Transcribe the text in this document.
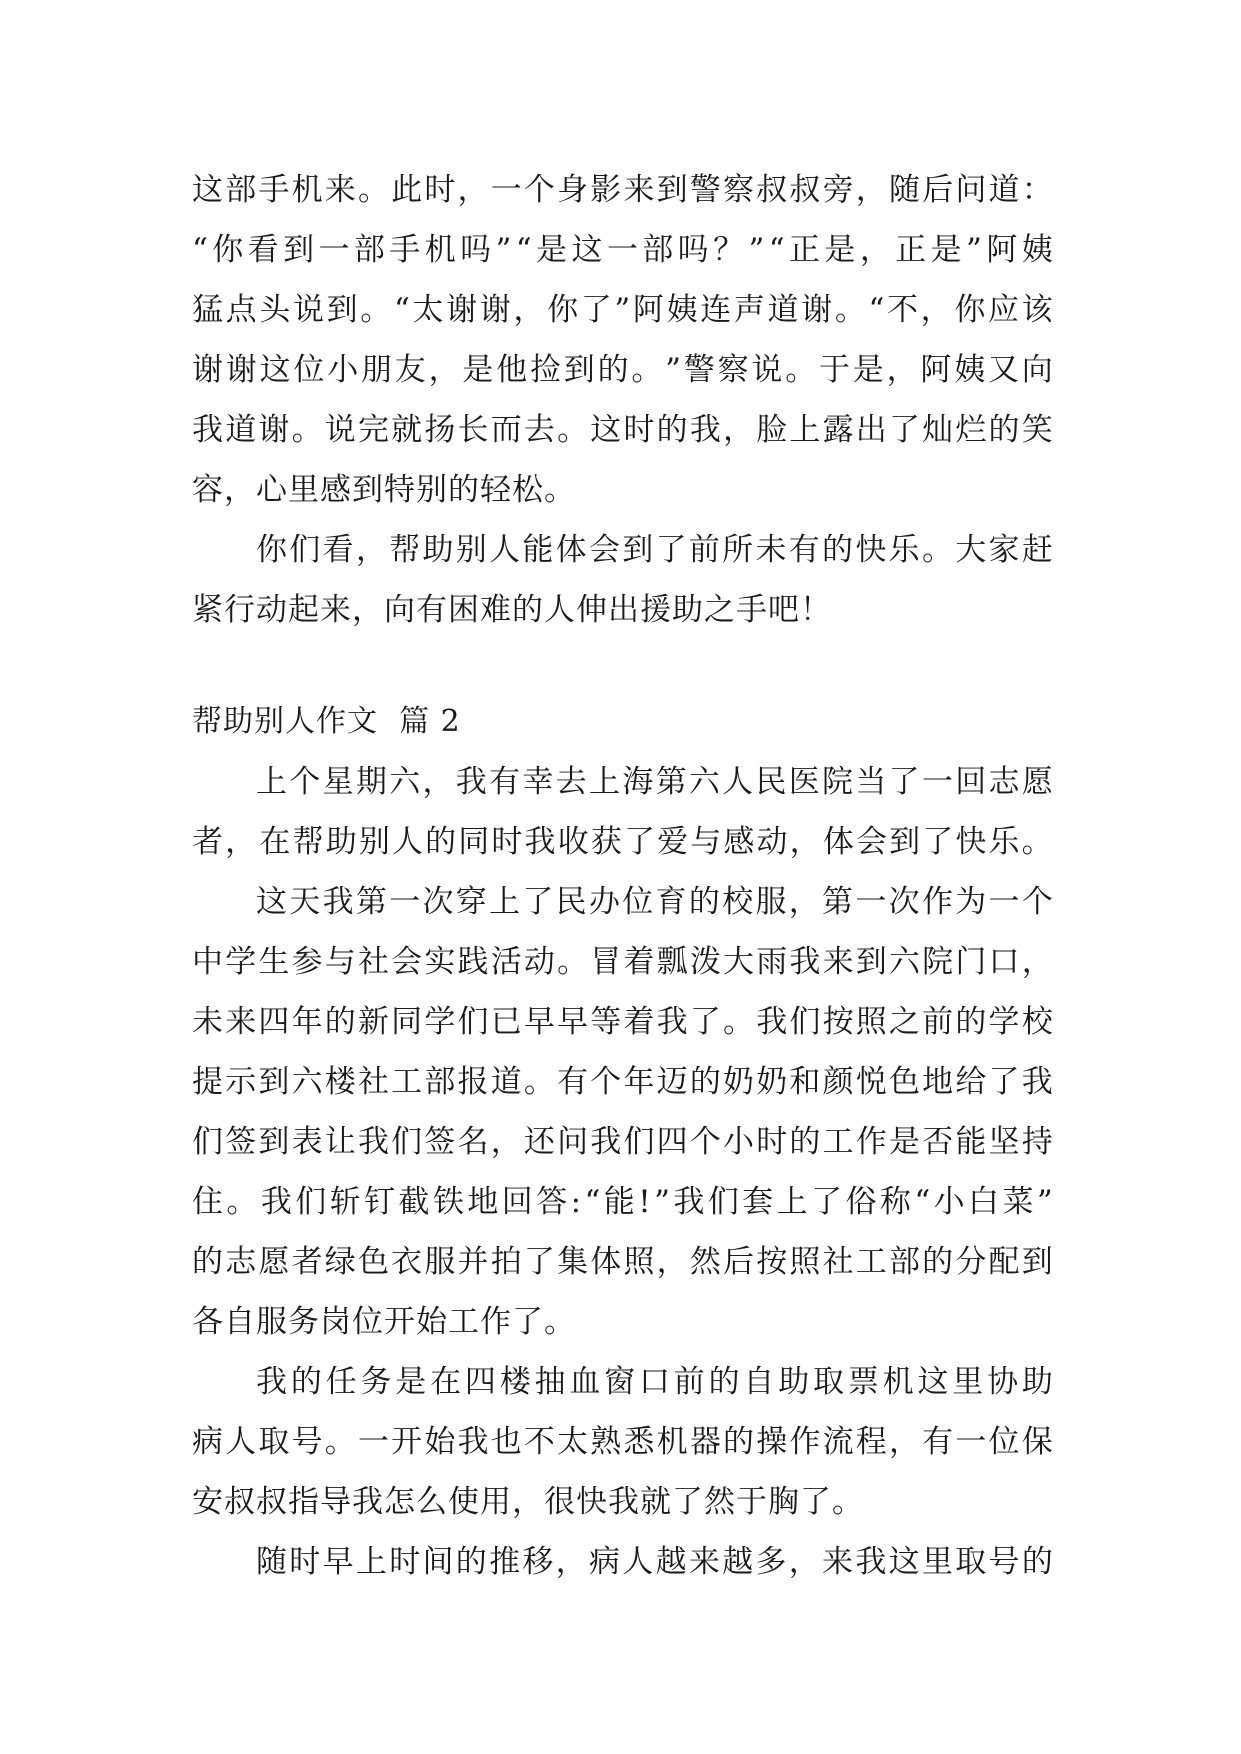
这 部 手 机 来 。 此 时 ， 一 个 身 影 来 到 警 察 叔 叔 旁 ， 随 后 问 道 ：
“ 你 看 到 一 部 手 机 吗 ” “ 是 这 一 部 吗 ？ ” “ 正 是 ， 正 是 ” 阿 姨
猛 点 头 说 到 。 “ 太 谢 谢 ， 你 了 ” 阿 姨 连 声 道 谢 。 “ 不 ， 你 应 该
谢 谢 这 位 小 朋 友 ， 是 他 捡 到 的 。 ” 警 察 说 。 于 是 ， 阿 姨 又 向
我 道 谢 。 说 完 就 扬 长 而 去 。 这 时 的 我 ， 脸 上 露 出 了 灿 烂 的 笑
容，心里感到特别的轻松。
你 们 看 ， 帮 助 别 人 能 体 会 到 了 前 所 未 有 的 快 乐 。 大 家 赶
紧行动起来，向有困难的人伸出援助之手吧！
帮助别人作文  篇 2
上 个 星 期 六 ， 我 有 幸 去 上 海 第 六 人 民 医 院 当 了 一 回 志 愿
者 ， 在 帮 助 别 人 的 同 时 我 收 获 了 爱 与 感 动 ， 体 会 到 了 快 乐 。
这 天 我 第 一 次 穿 上 了 民 办 位 育 的 校 服 ， 第 一 次 作 为 一 个
中 学 生 参 与 社 会 实 践 活 动 。 冒 着 瓢 泼 大 雨 我 来 到 六 院 门 口 ，
未 来 四 年 的 新 同 学 们 已 早 早 等 着 我 了 。 我 们 按 照 之 前 的 学 校
提 示 到 六 楼 社 工 部 报 道 。 有 个 年 迈 的 奶 奶 和 颜 悦 色 地 给 了 我
们 签 到 表 让 我 们 签 名 ， 还 问 我 们 四 个 小 时 的 工 作 是 否 能 坚 持
住 。 我 们 斩 钉 截 铁 地 回 答 : “ 能 ! ” 我 们 套 上 了 俗 称 “ 小 白 菜 ”
的 志 愿 者 绿 色 衣 服 并 拍 了 集 体 照 ， 然 后 按 照 社 工 部 的 分 配 到
各自服务岗位开始工作了。
我 的 任 务 是 在 四 楼 抽 血 窗 口 前 的 自 助 取 票 机 这 里 协 助
病 人 取 号 。 一 开 始 我 也 不 太 熟 悉 机 器 的 操 作 流 程 ， 有 一 位 保
安叔叔指导我怎么使用，很快我就了然于胸了。
随 时 早 上 时 间 的 推 移 ， 病 人 越 来 越 多 ， 来 我 这 里 取 号 的
